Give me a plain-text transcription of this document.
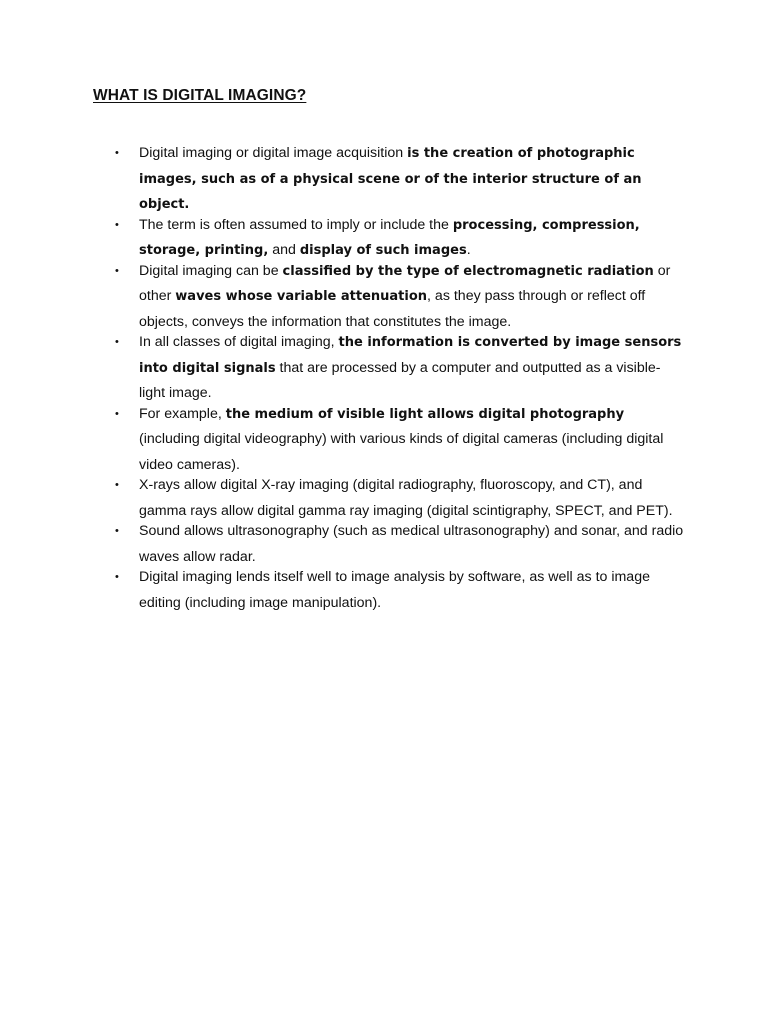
WHAT IS DIGITAL IMAGING?
• Digital imaging or digital image acquisition is the creation of photographic images, such as of a physical scene or of the interior structure of an object.
• The term is often assumed to imply or include the processing, compression, storage, printing, and display of such images.
• Digital imaging can be classified by the type of electromagnetic radiation or other waves whose variable attenuation, as they pass through or reflect off objects, conveys the information that constitutes the image.
• In all classes of digital imaging, the information is converted by image sensors into digital signals that are processed by a computer and outputted as a visible-light image.
• For example, the medium of visible light allows digital photography (including digital videography) with various kinds of digital cameras (including digital video cameras).
• X-rays allow digital X-ray imaging (digital radiography, fluoroscopy, and CT), and gamma rays allow digital gamma ray imaging (digital scintigraphy, SPECT, and PET).
• Sound allows ultrasonography (such as medical ultrasonography) and sonar, and radio waves allow radar.
• Digital imaging lends itself well to image analysis by software, as well as to image editing (including image manipulation).
